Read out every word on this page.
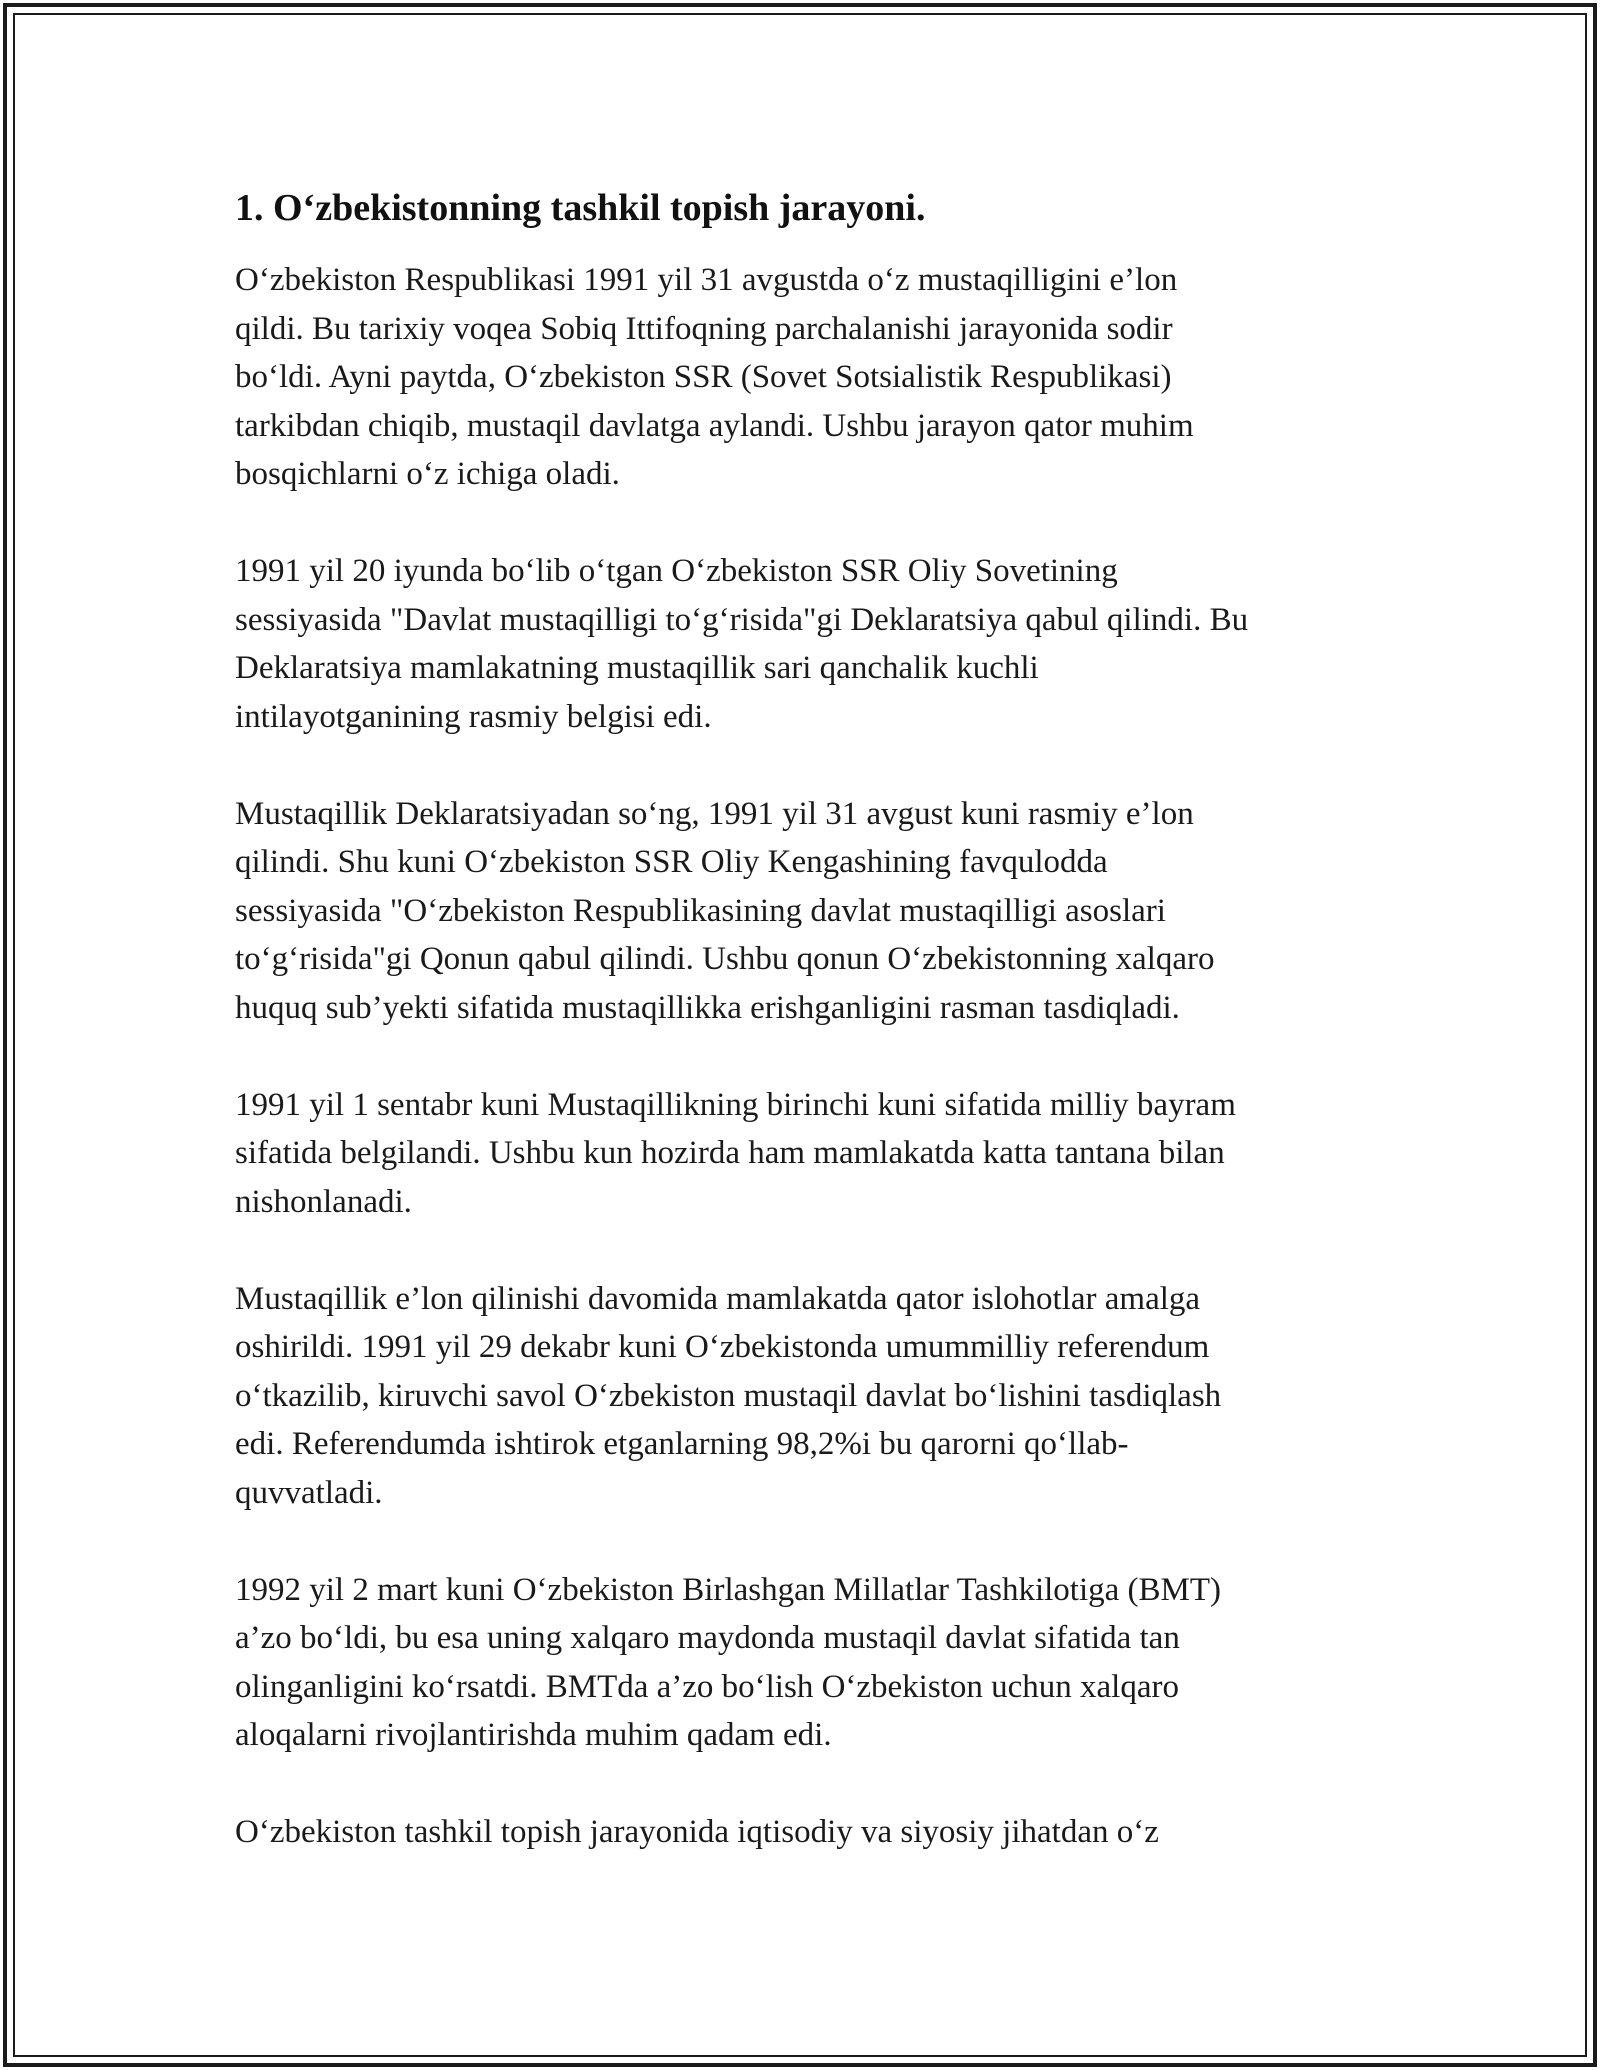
1. O‘zbekistonning tashkil topish jarayoni.

O‘zbekiston Respublikasi 1991 yil 31 avgustda o‘z mustaqilligini e’lon
qildi. Bu tarixiy voqea Sobiq Ittifoqning parchalanishi jarayonida sodir
bo‘ldi. Ayni paytda, O‘zbekiston SSR (Sovet Sotsialistik Respublikasi)
tarkibdan chiqib, mustaqil davlatga aylandi. Ushbu jarayon qator muhim
bosqichlarni o‘z ichiga oladi.

1991 yil 20 iyunda bo‘lib o‘tgan O‘zbekiston SSR Oliy Sovetining
sessiyasida "Davlat mustaqilligi to‘g‘risida"gi Deklaratsiya qabul qilindi. Bu
Deklaratsiya mamlakatning mustaqillik sari qanchalik kuchli
intilayotganining rasmiy belgisi edi.

Mustaqillik Deklaratsiyadan so‘ng, 1991 yil 31 avgust kuni rasmiy e’lon
qilindi. Shu kuni O‘zbekiston SSR Oliy Kengashining favqulodda
sessiyasida "O‘zbekiston Respublikasining davlat mustaqilligi asoslari
to‘g‘risida"gi Qonun qabul qilindi. Ushbu qonun O‘zbekistonning xalqaro
huquq sub’yekti sifatida mustaqillikka erishganligini rasman tasdiqladi.

1991 yil 1 sentabr kuni Mustaqillikning birinchi kuni sifatida milliy bayram
sifatida belgilandi. Ushbu kun hozirda ham mamlakatda katta tantana bilan
nishonlanadi.

Mustaqillik e’lon qilinishi davomida mamlakatda qator islohotlar amalga
oshirildi. 1991 yil 29 dekabr kuni O‘zbekistonda umummilliy referendum
o‘tkazilib, kiruvchi savol O‘zbekiston mustaqil davlat bo‘lishini tasdiqlash
edi. Referendumda ishtirok etganlarning 98,2%i bu qarorni qo‘llab-
quvvatladi.

1992 yil 2 mart kuni O‘zbekiston Birlashgan Millatlar Tashkilotiga (BMT)
a’zo bo‘ldi, bu esa uning xalqaro maydonda mustaqil davlat sifatida tan
olinganligini ko‘rsatdi. BMTda a’zo bo‘lish O‘zbekiston uchun xalqaro
aloqalarni rivojlantirishda muhim qadam edi.

O‘zbekiston tashkil topish jarayonida iqtisodiy va siyosiy jihatdan o‘z
